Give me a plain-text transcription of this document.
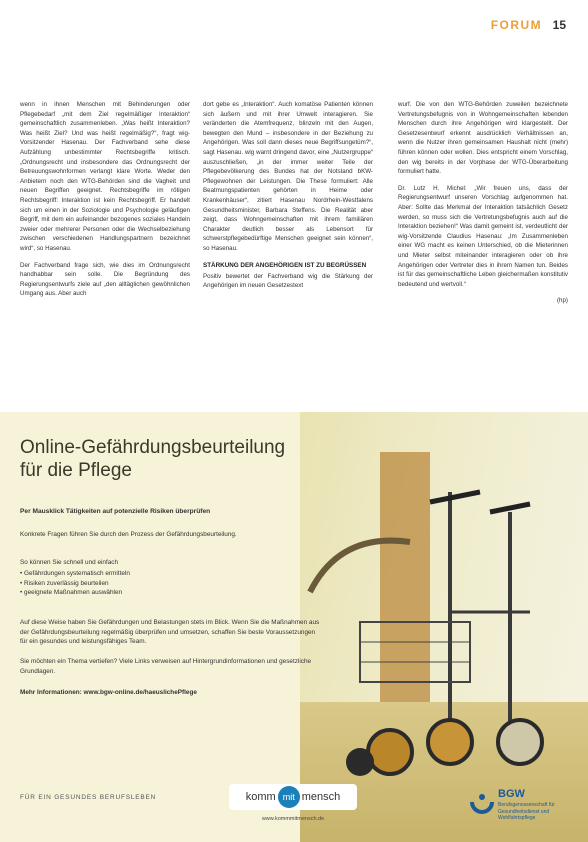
FORUM 15

wenn in ihnen Menschen mit Behinderungen oder Pflegebedarf „mit dem Ziel regelmäßiger Interaktion“ gemeinschaftlich zusammenleben. „Was heißt Interaktion? Was heißt Ziel? Und was heißt regelmäßig?“, fragt wig-Vorsitzender Hasenau. Der Fachverband sehe diese Aufzählung unbestimmter Rechtsbegriffe kritisch. „Ordnungsrecht und insbesondere das Ordnungsrecht der Betreuungswohnformen verlangt klare Worte. Weder den Anbietern noch den WTG-Behörden sind die Vagheit und neuen Begriffen geeignet. Rechtsbegriffe im rötigen Rechtsbegriff: Interaktion ist kein Rechtsbegriff. Er handelt sich um einen in der Soziologie und Psychologie geläufigen Begriff, mit dem ein aufeinander bezogenes soziales Handeln zweier oder mehrerer Personen oder die Wechselbeziehung zwischen verschiedenen Handlungspartnern bezeichnet wird“, so Hasenau.

Der Fachverband frage sich, wie dies im Ordnungsrecht handhabbar sein solle. Die Begründung des Regierungsentwurfs ziele auf „den alltäglichen gewöhnlichen Umgang aus. Aber auch

dort gebe es „Interaktion“. Auch komatöse Patienten können sich äußern und mit ihrer Umwelt interagieren. Sie veränderten die Atemfrequenz, blinzeln mit den Augen, bewegten den Mund – insbesondere in der Beziehung zu Angehörigen. Was soll dann dieses neue Begriffsungetüm?“, sagt Hasenau. wig warnt dringend davor, eine „Nutzergruppe“ auszuschließen, „in der immer weiter Teile der Pflegebevölkerung des Bundes hat der Notstand bKW-Pflegewohnen der Leistungen. Die These formuliert: Alle Beatmungspatienten gehörten in Heime oder Krankenhäuser“, zitiert Hasenau Nordrhein-Westfalens Gesundheitsminister, Barbara Steffens. Die Realität aber zeigt, dass Wohngemeinschaften mit ihrem familiären Charakter deutlich besser als Lebensort für schwerstpflegebedürftige Menschen geeignet sein können“, so Hasenau.

STÄRKUNG DER ANGEHÖRIGEN IST ZU BEGRÜSSEN

Positiv bewertet der Fachverband wig die Stärkung der Angehörigen im neuen Gesetzestext

wurf. Die von den WTG-Behörden zuweilen bezeichnete Vertretungsbefugnis von in Wohngemeinschaften lebenden Menschen durch ihre Angehörigen wird klargestellt. Der Gesetzesentwurf erkennt ausdrücklich Verhältnissen an, wenn die Nutzer ihren gemeinsamen Haushalt nicht (mehr) führen können oder wollen. Dies entspricht einem Vorschlag, den wig bereits in der Vorphase der WTG-Überarbeitung formuliert hatte.

Dr. Lutz H. Michel: „Wir freuen uns, dass der Regierungsentwurf unseren Vorschlag aufgenommen hat. Aber: Sollte das Merkmal der Interaktion tatsächlich Gesetz werden, so muss sich die Vertretungsbefugnis auch auf die Interaktion beziehen!“ Was damit gemeint ist, verdeutlicht der wig-Vorsitzende Claudius Hasenau: „Im Zusammenleben einer WG macht es keinen Unterschied, ob die Mieterinnen und Mieter selbst miteinander interagieren oder ob ihre Angehörigen oder Vertreter dies in ihrem Namen tun. Beides ist für das gemeinschaftliche Leben gleichermaßen konstitutiv bedeutend und wertvoll.“

(hp)

Online-Gefährdungsbeurteilung
für die Pflege
Per Mausklick Tätigkeiten auf potenzielle Risiken überprüfen
Konkrete Fragen führen Sie durch den Prozess der Gefährdungsbeurteilung.
So können Sie schnell und einfach
• Gefährdungen systematisch ermitteln
• Risiken zuverlässig beurteilen
• geeignete Maßnahmen auswählen
Auf diese Weise haben Sie Gefährdungen und Belastungen stets im Blick. Wenn Sie die Maßnahmen aus der Gefährdungsbeurteilung regelmäßig überprüfen und umsetzen, schaffen Sie beste Voraussetzungen für ein gesundes und leistungsfähiges Team.
Sie möchten ein Thema vertiefen? Viele Links verweisen auf Hintergrundinformationen und gesetzliche Grundlagen.
Mehr Informationen: www.bgw-online.de/haeuslichePflege
FÜR EIN GESUNDES BERUFSLEBEN	komm mit mensch
www.kommmitmensch.de
BGW
Berufsgenossenschaft für Gesundheitsdienst und Wohlfahrtspflege
